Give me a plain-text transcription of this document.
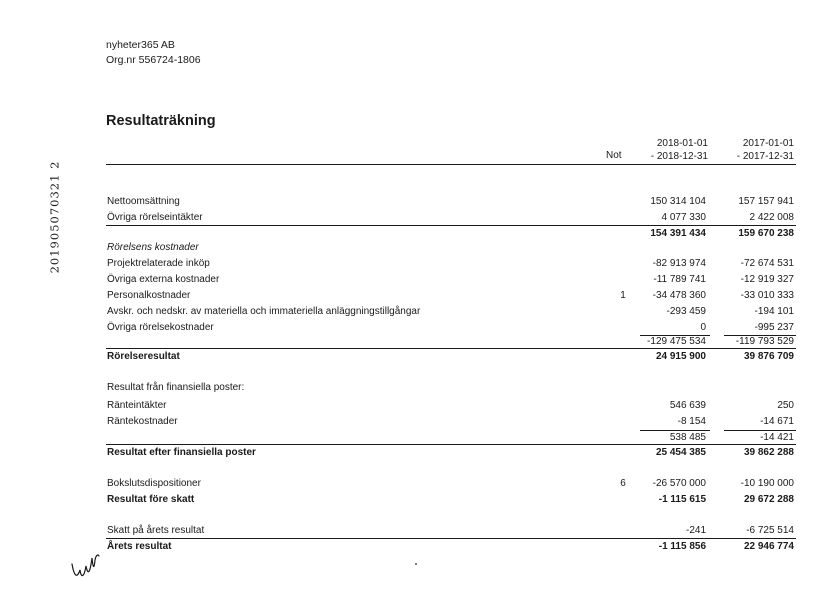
nyheter365 AB
Org.nr 556724-1806
201905070321 2
Resultaträkning
2018-01-01
- 2018-12-31
2017-01-01
- 2017-12-31
Not
Nettoomsättning	150 314 104	157 157 941
Övriga rörelseintäkter	4 077 330	2 422 008
154 391 434	159 670 238
Rörelsens kostnader
Projektrelaterade inköp	-82 913 974	-72 674 531
Övriga externa kostnader	-11 789 741	-12 919 327
Personalkostnader	1	-34 478 360	-33 010 333
Avskr. och nedskr. av materiella och immateriella anläggningstillgångar	-293 459	-194 101
Övriga rörelsekostnader	0	-995 237
-129 475 534	-119 793 529
Rörelseresultat	24 915 900	39 876 709
Resultat från finansiella poster:
Ränteintäkter	546 639	250
Räntekostnader	-8 154	-14 671
538 485	-14 421
Resultat efter finansiella poster	25 454 385	39 862 288
Bokslutsdispositioner	6	-26 570 000	-10 190 000
Resultat före skatt	-1 115 615	29 672 288
Skatt på årets resultat	-241	-6 725 514
Årets resultat	-1 115 856	22 946 774
